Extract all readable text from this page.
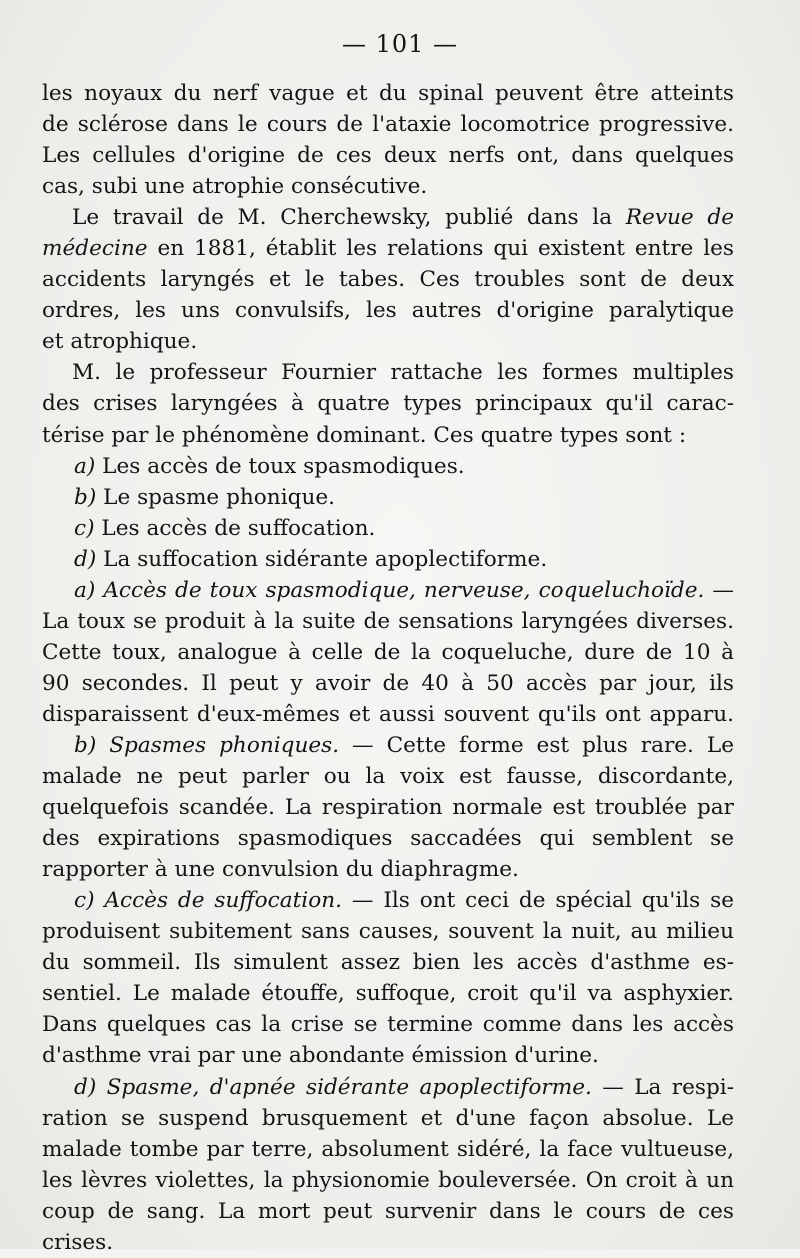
— 101 —
les noyaux du nerf vague et du spinal peuvent être atteints
de sclérose dans le cours de l'ataxie locomotrice progressive.
Les cellules d'origine de ces deux nerfs ont, dans quelques
cas, subi une atrophie consécutive.
Le travail de M. Cherchewsky, publié dans la Revue de
médecine en 1881, établit les relations qui existent entre les
accidents laryngés et le tabes. Ces troubles sont de deux
ordres, les uns convulsifs, les autres d'origine paralytique
et atrophique.
M. le professeur Fournier rattache les formes multiples
des crises laryngées à quatre types principaux qu'il carac-
térise par le phénomène dominant. Ces quatre types sont :
a) Les accès de toux spasmodiques.
b) Le spasme phonique.
c) Les accès de suffocation.
d) La suffocation sidérante apoplectiforme.
a) Accès de toux spasmodique, nerveuse, coqueluchoïde. —
La toux se produit à la suite de sensations laryngées diverses.
Cette toux, analogue à celle de la coqueluche, dure de 10 à
90 secondes. Il peut y avoir de 40 à 50 accès par jour, ils
disparaissent d'eux-mêmes et aussi souvent qu'ils ont apparu.
b) Spasmes phoniques. — Cette forme est plus rare. Le
malade ne peut parler ou la voix est fausse, discordante,
quelquefois scandée. La respiration normale est troublée par
des expirations spasmodiques saccadées qui semblent se
rapporter à une convulsion du diaphragme.
c) Accès de suffocation. — Ils ont ceci de spécial qu'ils se
produisent subitement sans causes, souvent la nuit, au milieu
du sommeil. Ils simulent assez bien les accès d'asthme es-
sentiel. Le malade étouffe, suffoque, croit qu'il va asphyxier.
Dans quelques cas la crise se termine comme dans les accès
d'asthme vrai par une abondante émission d'urine.
d) Spasme, d'apnée sidérante apoplectiforme. — La respi-
ration se suspend brusquement et d'une façon absolue. Le
malade tombe par terre, absolument sidéré, la face vultueuse,
les lèvres violettes, la physionomie bouleversée. On croit à un
coup de sang. La mort peut survenir dans le cours de ces crises.
